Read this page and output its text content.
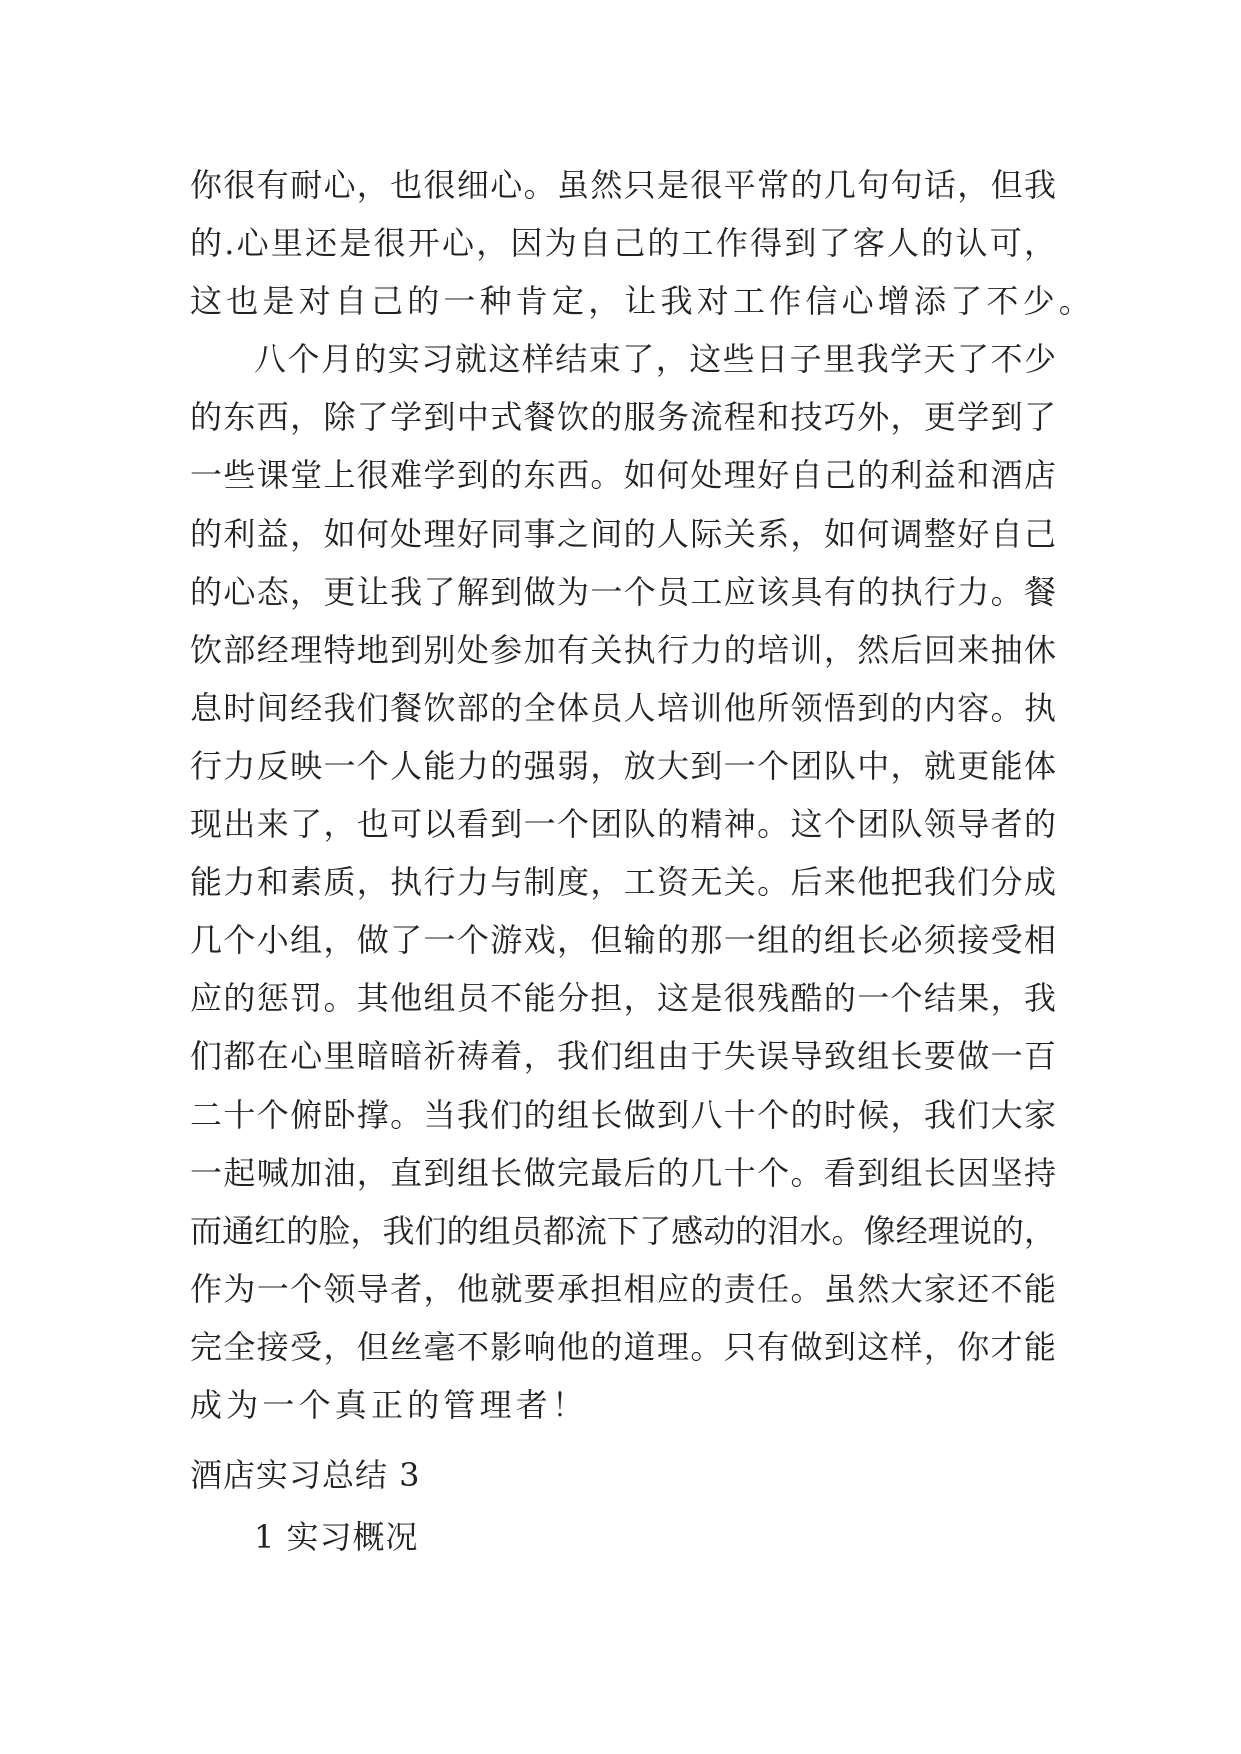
你很有耐心，也很细心。虽然只是很平常的几句句话，但我
的.心里还是很开心，因为自己的工作得到了客人的认可，
这也是对自己的一种肯定，让我对工作信心增添了不少。
八个月的实习就这样结束了，这些日子里我学天了不少
的东西，除了学到中式餐饮的服务流程和技巧外，更学到了
一些课堂上很难学到的东西。如何处理好自己的利益和酒店
的利益，如何处理好同事之间的人际关系，如何调整好自己
的心态，更让我了解到做为一个员工应该具有的执行力。餐
饮部经理特地到别处参加有关执行力的培训，然后回来抽休
息时间经我们餐饮部的全体员人培训他所领悟到的内容。执
行力反映一个人能力的强弱，放大到一个团队中，就更能体
现出来了，也可以看到一个团队的精神。这个团队领导者的
能力和素质，执行力与制度，工资无关。后来他把我们分成
几个小组，做了一个游戏，但输的那一组的组长必须接受相
应的惩罚。其他组员不能分担，这是很残酷的一个结果，我
们都在心里暗暗祈祷着，我们组由于失误导致组长要做一百
二十个俯卧撑。当我们的组长做到八十个的时候，我们大家
一起喊加油，直到组长做完最后的几十个。看到组长因坚持
而通红的脸，我们的组员都流下了感动的泪水。像经理说的，
作为一个领导者，他就要承担相应的责任。虽然大家还不能
完全接受，但丝毫不影响他的道理。只有做到这样，你才能
成为一个真正的管理者！
酒店实习总结 3
1 实习概况
